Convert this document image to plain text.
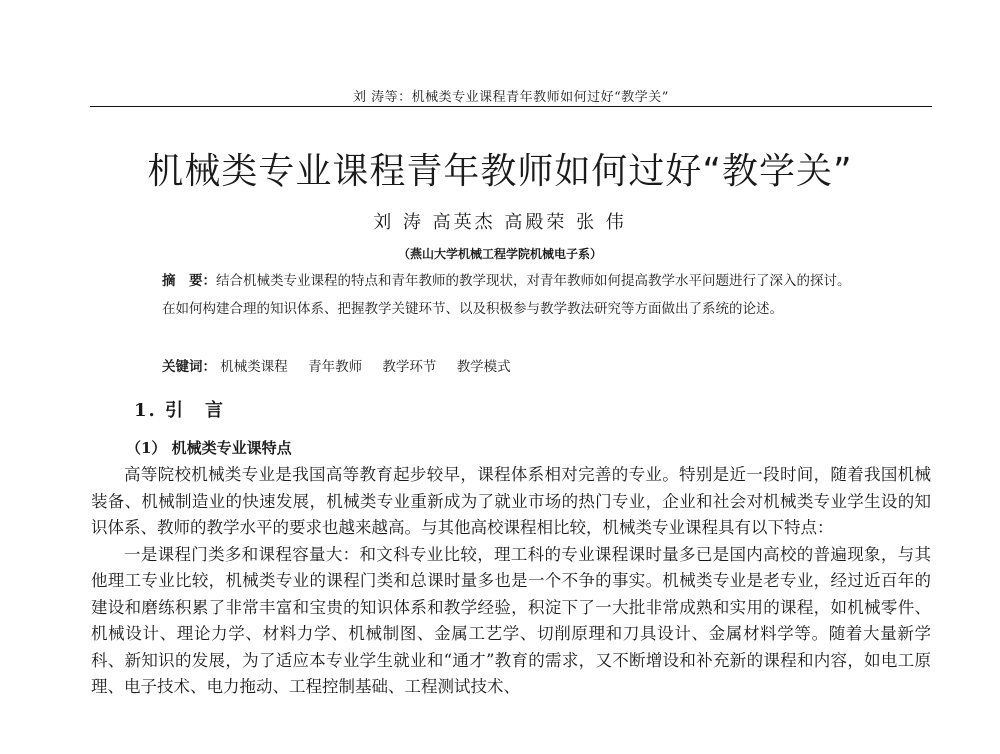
刘 涛等：机械类专业课程青年教师如何过好“教学关”
机械类专业课程青年教师如何过好“教学关”
刘 涛 高英杰 高殿荣 张 伟
（燕山大学机械工程学院机械电子系）

摘　要：结合机械类专业课程的特点和青年教师的教学现状，对青年教师如何提高教学水平问题进行了深入的探讨。在如何构建合理的知识体系、把握教学关键环节、以及积极参与教学教法研究等方面做出了系统的论述。

关键词： 机械类课程 青年教师 教学环节 教学模式
1. 引　言
（1） 机械类专业课特点

高等院校机械类专业是我国高等教育起步较早，课程体系相对完善的专业。特别是近一段时间，随着我国机械装备、机械制造业的快速发展，机械类专业重新成为了就业市场的热门专业，企业和社会对机械类专业学生设的知识体系、教师的教学水平的要求也越来越高。与其他高校课程相比较，机械类专业课程具有以下特点：

一是课程门类多和课程容量大：和文科专业比较，理工科的专业课程课时量多已是国内高校的普遍现象，与其他理工专业比较，机械类专业的课程门类和总课时量多也是一个不争的事实。机械类专业是老专业，经过近百年的建设和磨练积累了非常丰富和宝贵的知识体系和教学经验，积淀下了一大批非常成熟和实用的课程，如机械零件、机械设计、理论力学、材料力学、机械制图、金属工艺学、切削原理和刀具设计、金属材料学等。随着大量新学科、新知识的发展，为了适应本专业学生就业和“通才”教育的需求，又不断增设和补充新的课程和内容，如电工原理、电子技术、电力拖动、工程控制基础、工程测试技术、
